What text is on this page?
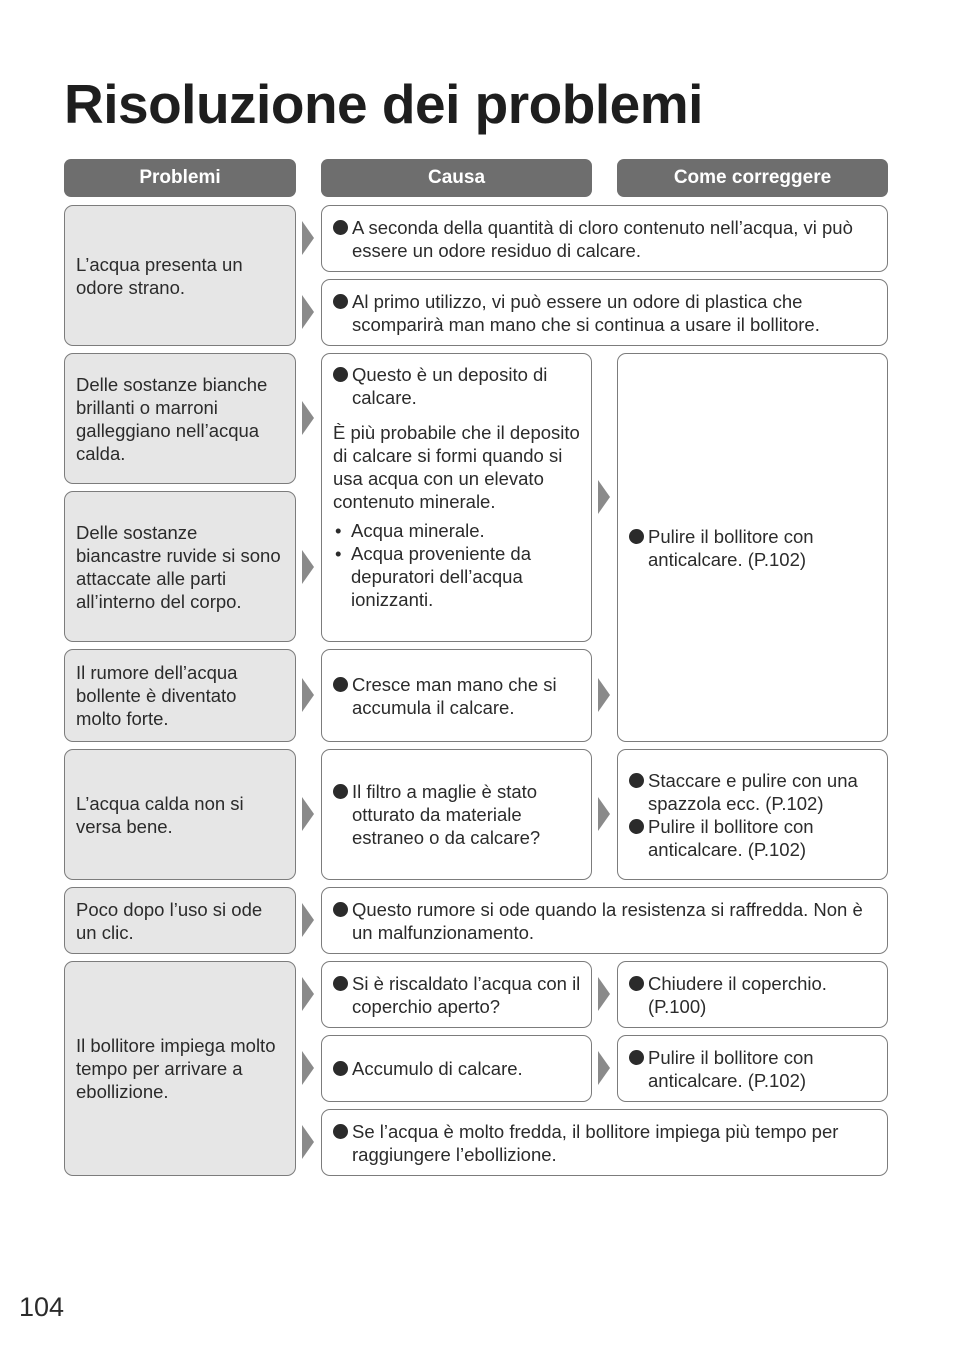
Risoluzione dei problemi
Problemi	Causa	Come correggere
L’acqua presenta un odore strano.
A seconda della quantità di cloro contenuto nell’acqua, vi può essere un odore residuo di calcare.
Al primo utilizzo, vi può essere un odore di plastica che scomparirà man mano che si continua a usare il bollitore.
Delle sostanze bianche brillanti o marroni galleggiano nell’acqua calda.
Delle sostanze biancastre ruvide si sono attaccate alle parti all’interno del corpo.
Questo è un deposito di calcare.
È più probabile che il deposito di calcare si formi quando si usa acqua con un elevato contenuto minerale.
• Acqua minerale.
• Acqua proveniente da depuratori dell’acqua ionizzanti.
Pulire il bollitore con anticalcare. (P.102)
Il rumore dell’acqua bollente è diventato molto forte.
Cresce man mano che si accumula il calcare.
L’acqua calda non si versa bene.
Il filtro a maglie è stato otturato da materiale estraneo o da calcare?
Staccare e pulire con una spazzola ecc. (P.102)
Pulire il bollitore con anticalcare. (P.102)
Poco dopo l’uso si ode un clic.
Questo rumore si ode quando la resistenza si raffredda. Non è un malfunzionamento.
Il bollitore impiega molto tempo per arrivare a ebollizione.
Si è riscaldato l’acqua con il coperchio aperto?
Chiudere il coperchio. (P.100)
Accumulo di calcare.
Pulire il bollitore con anticalcare. (P.102)
Se l’acqua è molto fredda, il bollitore impiega più tempo per raggiungere l’ebollizione.
104
